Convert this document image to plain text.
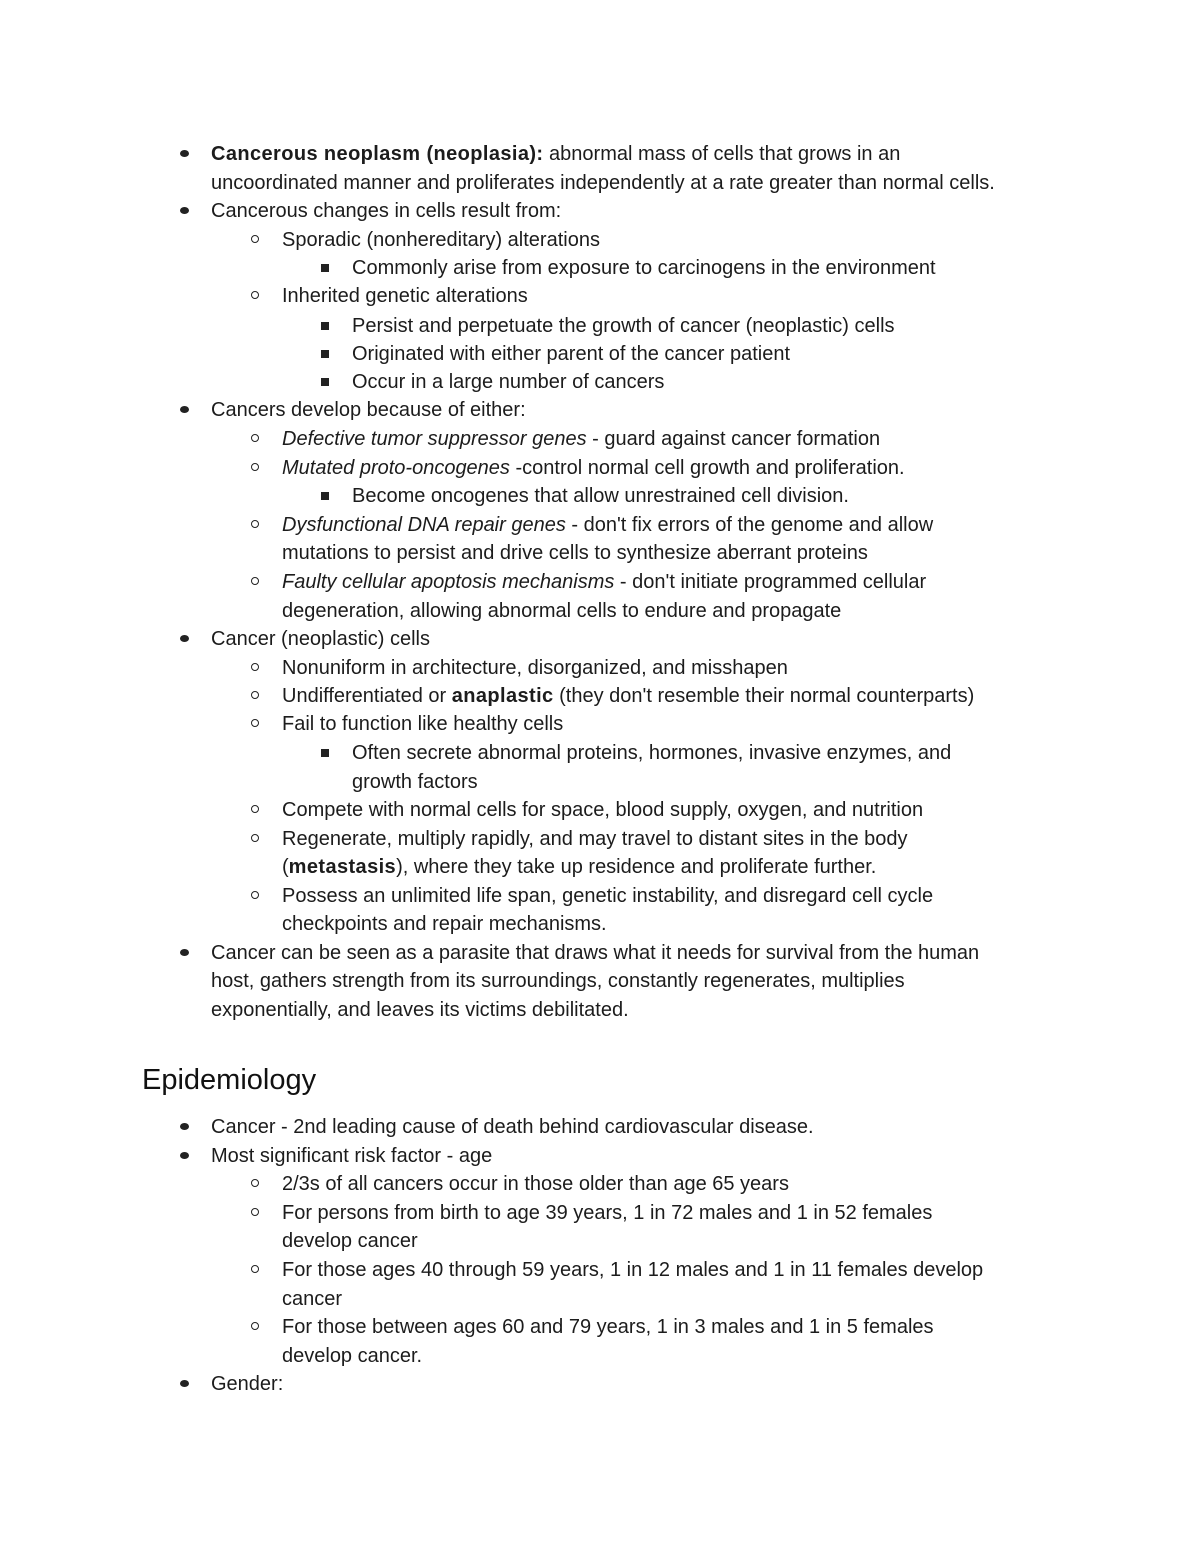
Epidemiology
Cancerous neoplasm (neoplasia): abnormal mass of cells that grows in an
uncoordinated manner and proliferates independently at a rate greater than normal cells.
Cancerous changes in cells result from:
Sporadic (nonhereditary) alterations
Commonly arise from exposure to carcinogens in the environment
Inherited genetic alterations
Persist and perpetuate the growth of cancer (neoplastic) cells
Originated with either parent of the cancer patient
Occur in a large number of cancers
Cancers develop because of either:
Defective tumor suppressor genes - guard against cancer formation
Mutated proto-oncogenes -control normal cell growth and proliferation.
Become oncogenes that allow unrestrained cell division.
Dysfunctional DNA repair genes - don't fix errors of the genome and allow
mutations to persist and drive cells to synthesize aberrant proteins
Faulty cellular apoptosis mechanisms - don't initiate programmed cellular
degeneration, allowing abnormal cells to endure and propagate
Cancer (neoplastic) cells
Nonuniform in architecture, disorganized, and misshapen
Undifferentiated or anaplastic (they don't resemble their normal counterparts)
Fail to function like healthy cells
Often secrete abnormal proteins, hormones, invasive enzymes, and
growth factors
Compete with normal cells for space, blood supply, oxygen, and nutrition
Regenerate, multiply rapidly, and may travel to distant sites in the body
(metastasis), where they take up residence and proliferate further.
Possess an unlimited life span, genetic instability, and disregard cell cycle
checkpoints and repair mechanisms.
Cancer can be seen as a parasite that draws what it needs for survival from the human
host, gathers strength from its surroundings, constantly regenerates, multiplies
exponentially, and leaves its victims debilitated.
Cancer - 2nd leading cause of death behind cardiovascular disease.
Most significant risk factor - age
2/3s of all cancers occur in those older than age 65 years
For persons from birth to age 39 years, 1 in 72 males and 1 in 52 females
develop cancer
For those ages 40 through 59 years, 1 in 12 males and 1 in 11 females develop
cancer
For those between ages 60 and 79 years, 1 in 3 males and 1 in 5 females
develop cancer.
Gender:
